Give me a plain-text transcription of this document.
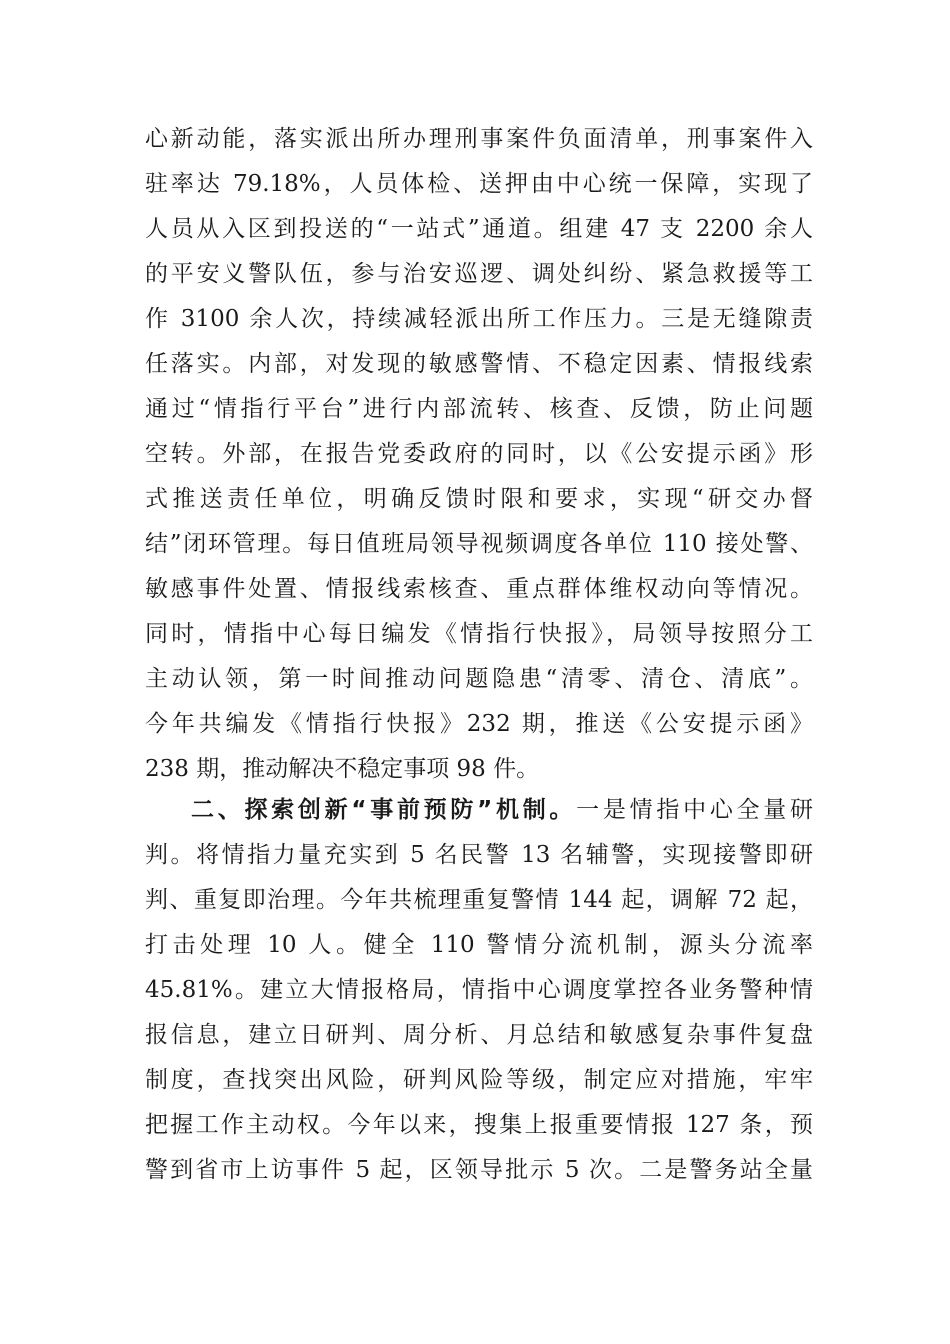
心新动能，落实派出所办理刑事案件负面清单，刑事案件入
驻率达 79.18%，人员体检、送押由中心统一保障，实现了
人员从入区到投送的“一站式”通道。组建 47 支 2200 余人
的平安义警队伍，参与治安巡逻、调处纠纷、紧急救援等工
作 3100 余人次，持续减轻派出所工作压力。三是无缝隙责
任落实。内部，对发现的敏感警情、不稳定因素、情报线索
通过“情指行平台”进行内部流转、核查、反馈，防止问题
空转。外部，在报告党委政府的同时，以《公安提示函》形
式推送责任单位，明确反馈时限和要求，实现“研交办督
结”闭环管理。每日值班局领导视频调度各单位 110 接处警、
敏感事件处置、情报线索核查、重点群体维权动向等情况。
同时，情指中心每日编发《情指行快报》，局领导按照分工
主动认领，第一时间推动问题隐患“清零、清仓、清底”。
今年共编发《情指行快报》232 期，推送《公安提示函》
238 期，推动解决不稳定事项 98 件。
二、探索创新“事前预防”机制。一是情指中心全量研
判。将情指力量充实到 5 名民警 13 名辅警，实现接警即研
判、重复即治理。今年共梳理重复警情 144 起，调解 72 起，
打击处理 10 人。健全 110 警情分流机制，源头分流率
45.81%。建立大情报格局，情指中心调度掌控各业务警种情
报信息，建立日研判、周分析、月总结和敏感复杂事件复盘
制度，查找突出风险，研判风险等级，制定应对措施，牢牢
把握工作主动权。今年以来，搜集上报重要情报 127 条，预
警到省市上访事件 5 起，区领导批示 5 次。二是警务站全量
